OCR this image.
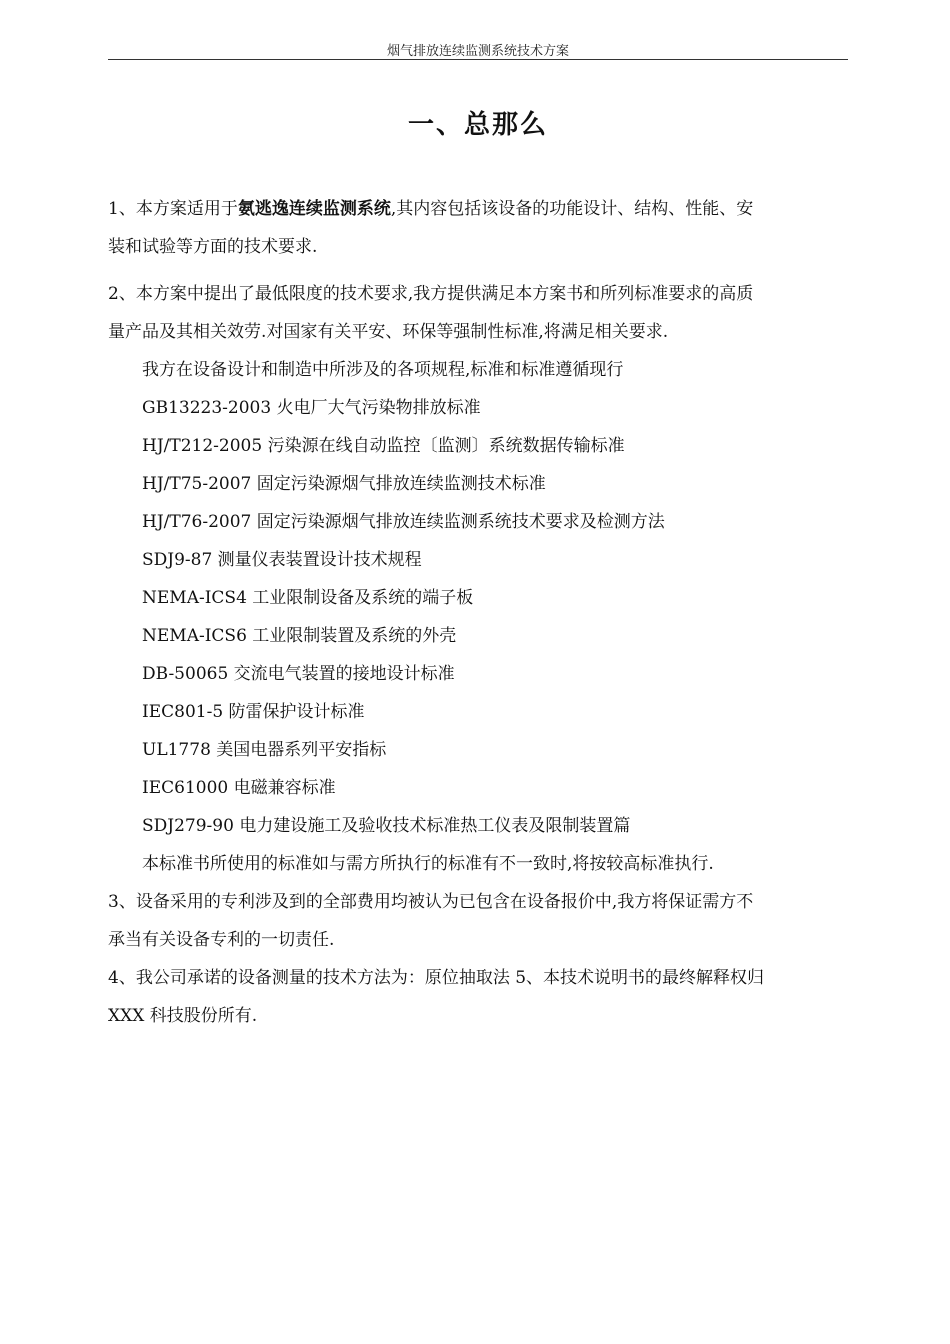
烟气排放连续监测系统技术方案
一、总那么

1、本方案适用于氨逃逸连续监测系统,其内容包括该设备的功能设计、结构、性能、安

装和试验等方面的技术要求.

2、本方案中提出了最低限度的技术要求,我方提供满足本方案书和所列标准要求的高质

量产品及其相关效劳.对国家有关平安、环保等强制性标准,将满足相关要求.

我方在设备设计和制造中所涉及的各项规程,标准和标准遵循现行

GB13223-2003 火电厂大气污染物排放标准

HJ/T212-2005 污染源在线自动监控〔监测〕系统数据传输标准

HJ/T75-2007 固定污染源烟气排放连续监测技术标准

HJ/T76-2007 固定污染源烟气排放连续监测系统技术要求及检测方法

SDJ9-87 测量仪表装置设计技术规程

NEMA-ICS4 工业限制设备及系统的端子板

NEMA-ICS6 工业限制装置及系统的外壳

DB-50065 交流电气装置的接地设计标准

IEC801-5 防雷保护设计标准

UL1778 美国电器系列平安指标

IEC61000 电磁兼容标准

SDJ279-90 电力建设施工及验收技术标准热工仪表及限制装置篇

本标准书所使用的标准如与需方所执行的标准有不一致时,将按较高标准执行.

3、设备采用的专利涉及到的全部费用均被认为已包含在设备报价中,我方将保证需方不

承当有关设备专利的一切责任.

4、我公司承诺的设备测量的技术方法为：原位抽取法 5、本技术说明书的最终解释权归

XXX 科技股份所有.
